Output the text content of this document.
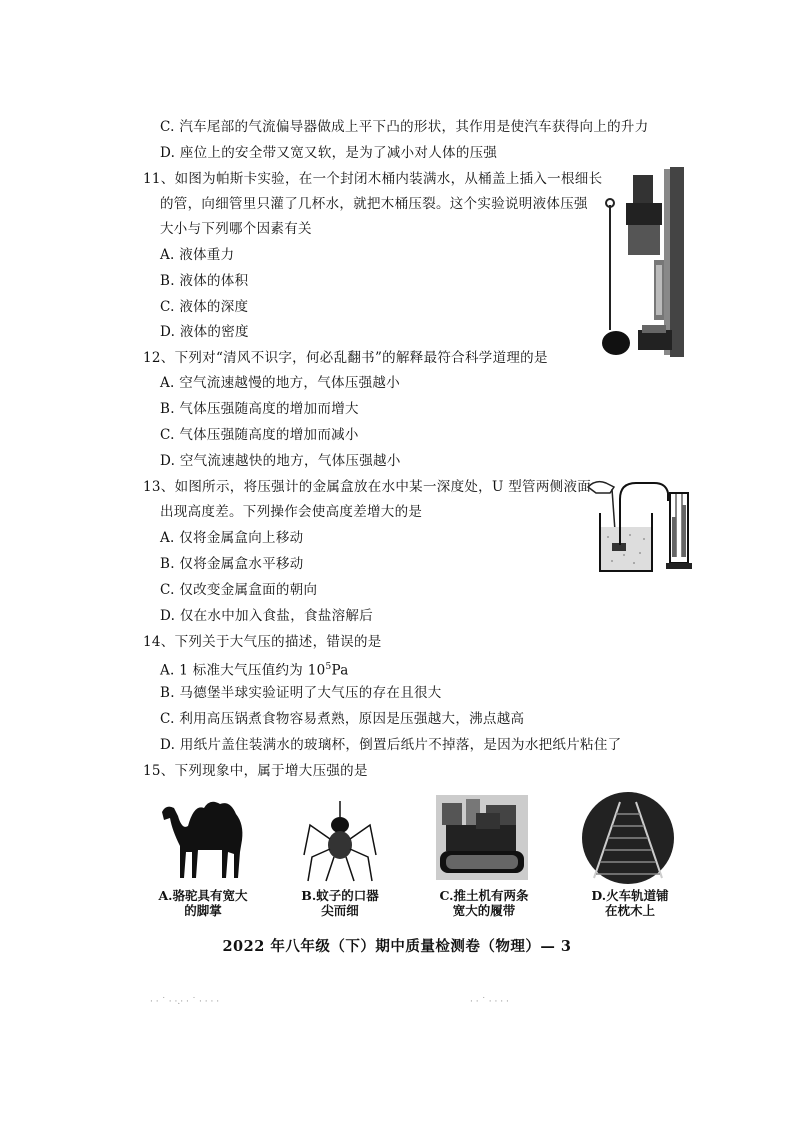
C. 汽车尾部的气流偏导器做成上平下凸的形状，其作用是使汽车获得向上的升力
D. 座位上的安全带又宽又软，是为了减小对人体的压强
11、如图为帕斯卡实验，在一个封闭木桶内装满水，从桶盖上插入一根细长
的管，向细管里只灌了几杯水，就把木桶压裂。这个实验说明液体压强
大小与下列哪个因素有关
A. 液体重力
B. 液体的体积
C. 液体的深度
D. 液体的密度
12、下列对“清风不识字，何必乱翻书”的解释最符合科学道理的是
A. 空气流速越慢的地方，气体压强越小
B. 气体压强随高度的增加而增大
C. 气体压强随高度的增加而减小
D. 空气流速越快的地方，气体压强越小
13、如图所示，将压强计的金属盒放在水中某一深度处，U 型管两侧液面
出现高度差。下列操作会使高度差增大的是
A. 仅将金属盒向上移动
B. 仅将金属盒水平移动
C. 仅改变金属盒面的朝向
D. 仅在水中加入食盐，食盐溶解后
14、下列关于大气压的描述，错误的是
A. 1 标准大气压值约为 $10^5Pa$
B. 马德堡半球实验证明了大气压的存在且很大
C. 利用高压锅煮食物容易煮熟，原因是压强越大，沸点越高
D. 用纸片盖住装满水的玻璃杯，倒置后纸片不掉落，是因为水把纸片粘住了
15、下列现象中，属于增大压强的是
A.骆驼具有宽大
的脚掌
B.蚊子的口器
尖而细
C.推土机有两条
宽大的履带
D.火车轨道铺
在枕木上
2022 年八年级（下）期中质量检测卷（物理）— 3
· · ˙ · ·.· · ˙ · · · ·	· · ˙ · · · ·
